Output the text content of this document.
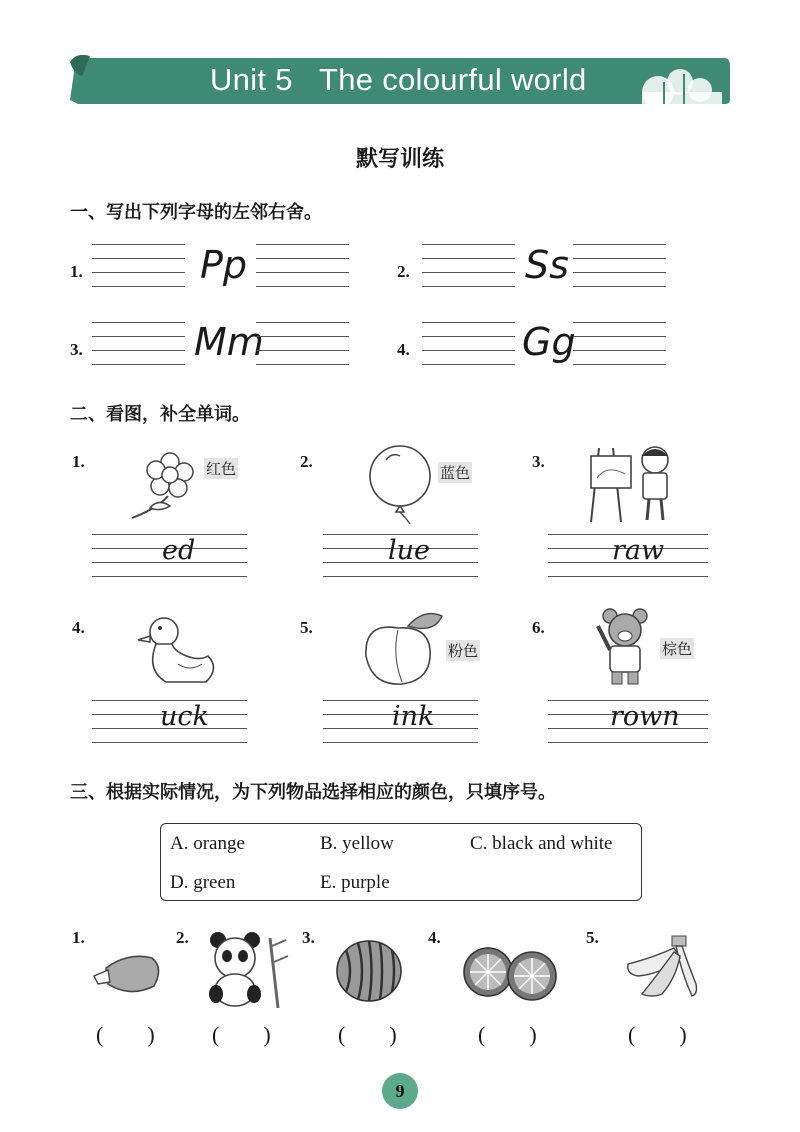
Unit 5   The colourful world
默写训练
一、写出下列字母的左邻右舍。
1.	Pp	2.	Ss
3.	Mm	4.	Gg
二、看图，补全单词。
1.	红色
ed
2.
蓝色
lue
3.
raw
4.
uck
5.
粉色
ink
6.
棕色
rown
三、根据实际情况，为下列物品选择相应的颜色，只填序号。
A. orange	B. yellow	C. black and white
D. green	E. purple
1.	2.	3.	4.	5.
(        )	(        )	(        )	(        )	(        )
9
